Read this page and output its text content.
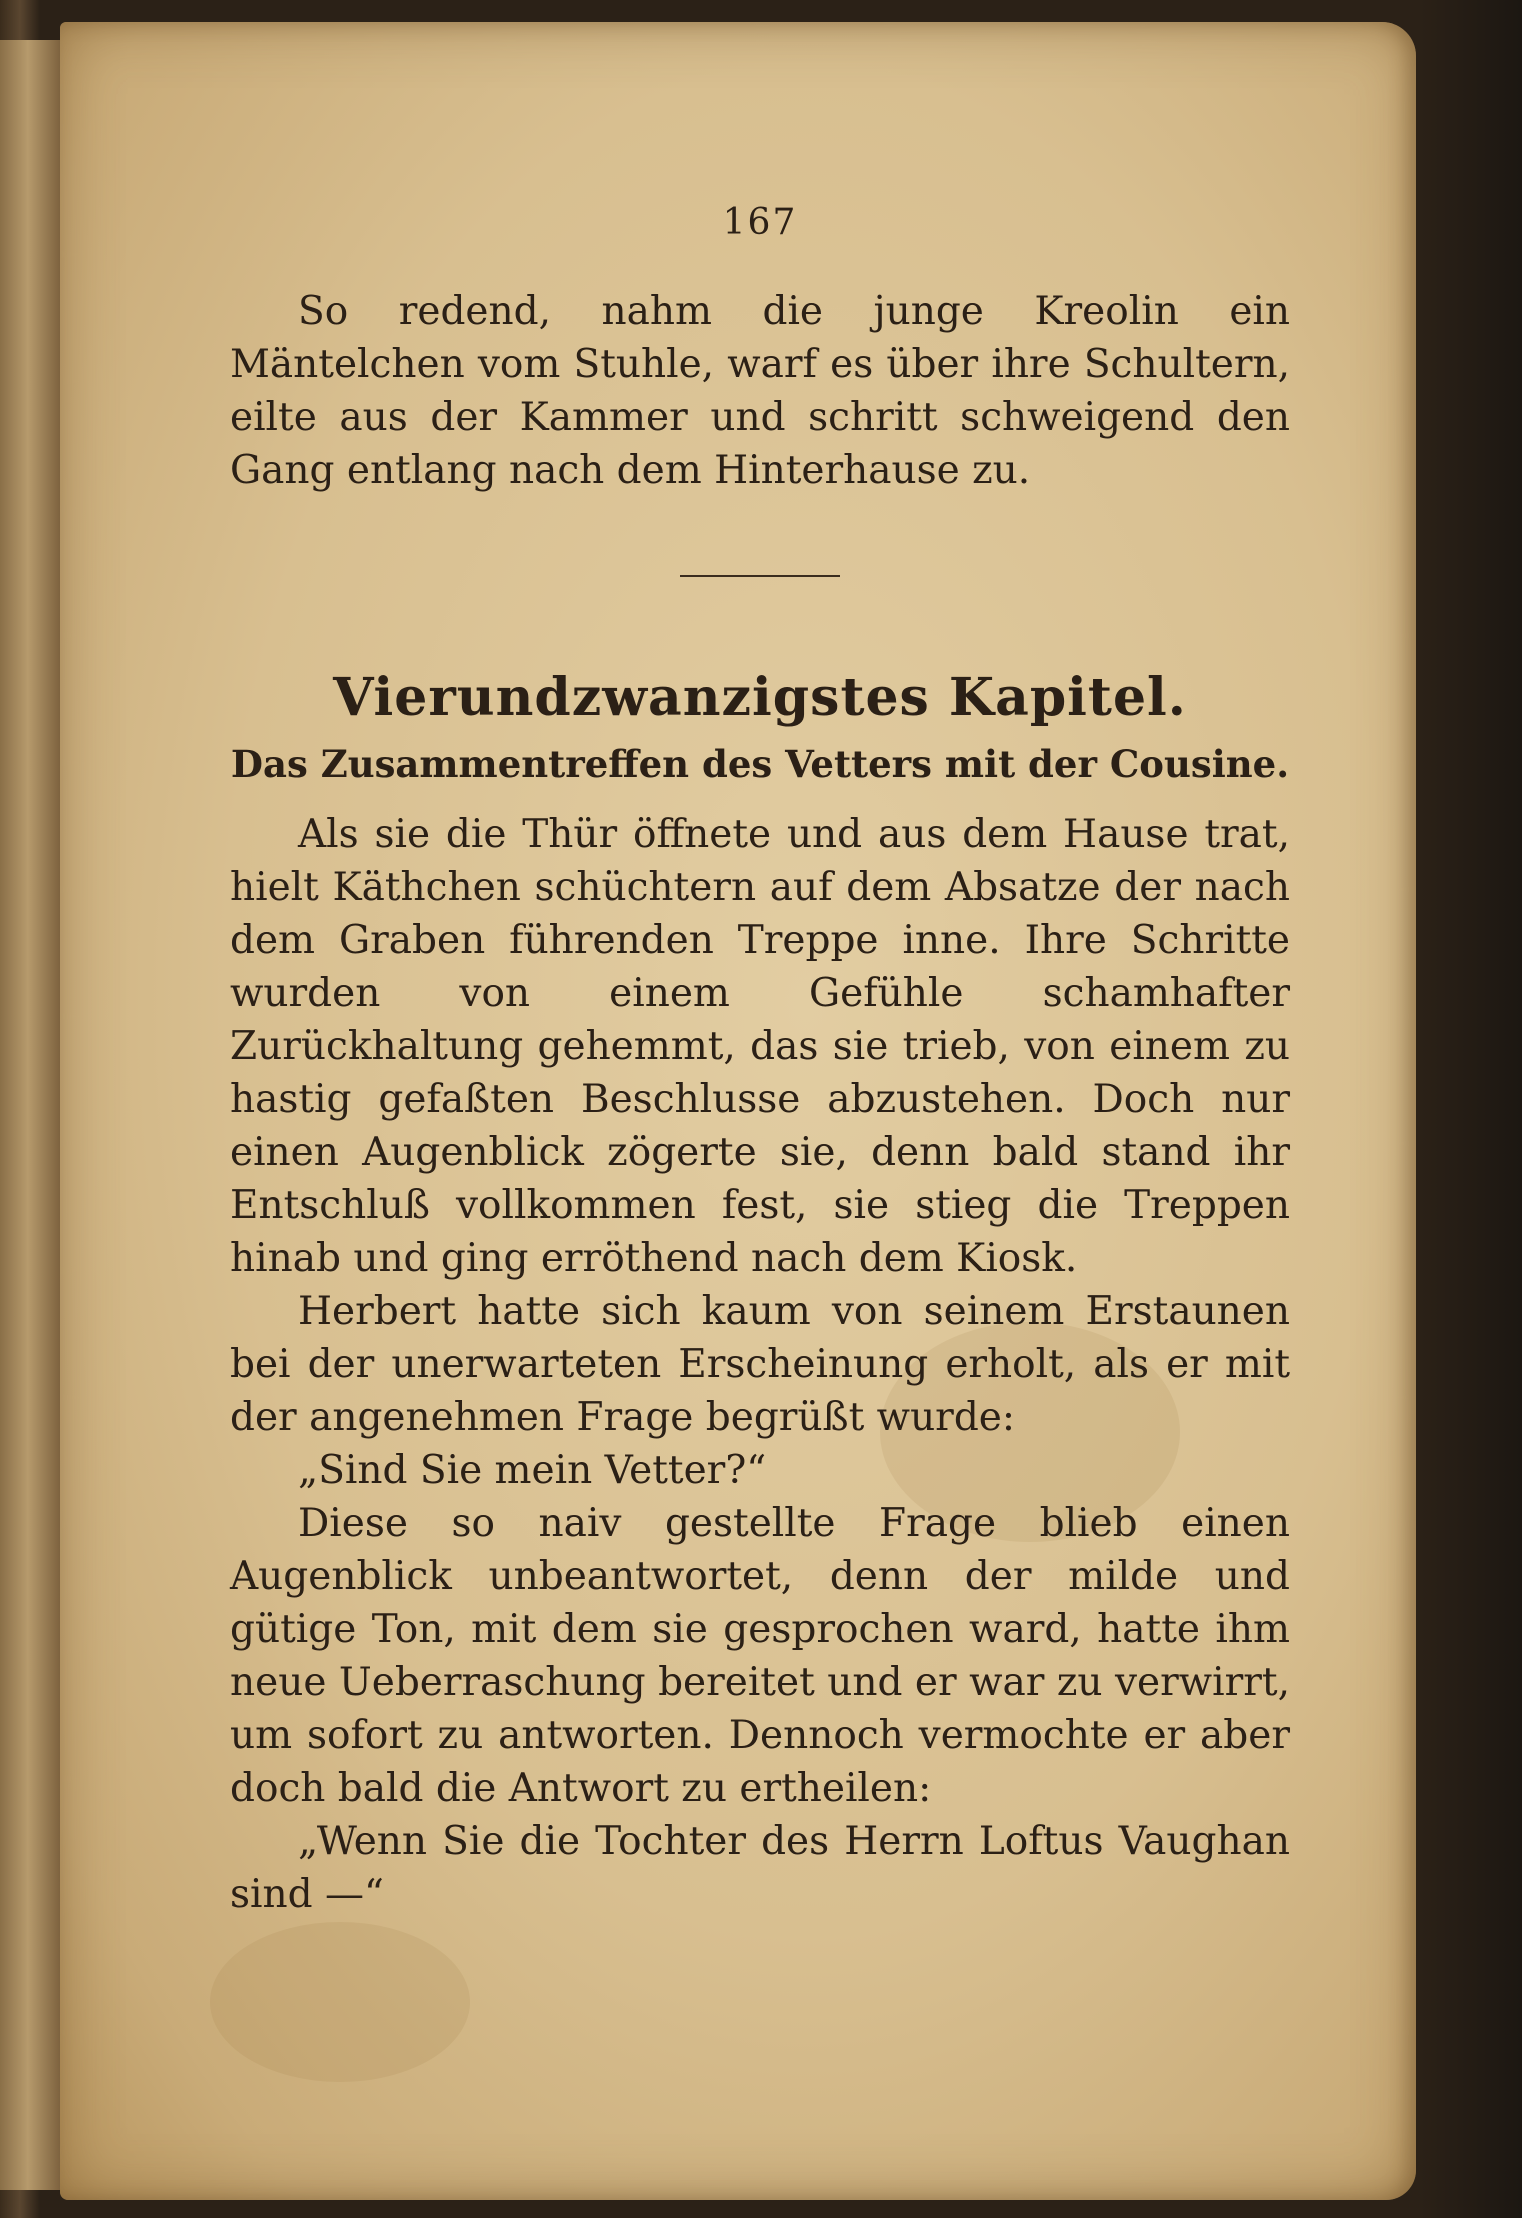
167

So redend, nahm die junge Kreolin ein Mäntelchen vom Stuhle, warf es über ihre Schultern, eilte aus der Kammer und schritt schweigend den Gang entlang nach dem Hinterhause zu.

Vierundzwanzigstes Kapitel.
Das Zusammentreffen des Vetters mit der Cousine.

Als sie die Thür öffnete und aus dem Hause trat, hielt Käthchen schüchtern auf dem Absatze der nach dem Graben führenden Treppe inne. Ihre Schritte wurden von einem Gefühle schamhafter Zurückhaltung gehemmt, das sie trieb, von einem zu hastig gefaßten Beschlusse abzustehen. Doch nur einen Augenblick zögerte sie, denn bald stand ihr Entschluß vollkommen fest, sie stieg die Treppen hinab und ging erröthend nach dem Kiosk.

Herbert hatte sich kaum von seinem Erstaunen bei der unerwarteten Erscheinung erholt, als er mit der angenehmen Frage begrüßt wurde:

„Sind Sie mein Vetter?“

Diese so naiv gestellte Frage blieb einen Augenblick unbeantwortet, denn der milde und gütige Ton, mit dem sie gesprochen ward, hatte ihm neue Ueberraschung bereitet und er war zu verwirrt, um sofort zu antworten. Dennoch vermochte er aber doch bald die Antwort zu ertheilen:

„Wenn Sie die Tochter des Herrn Loftus Vaughan sind —“
